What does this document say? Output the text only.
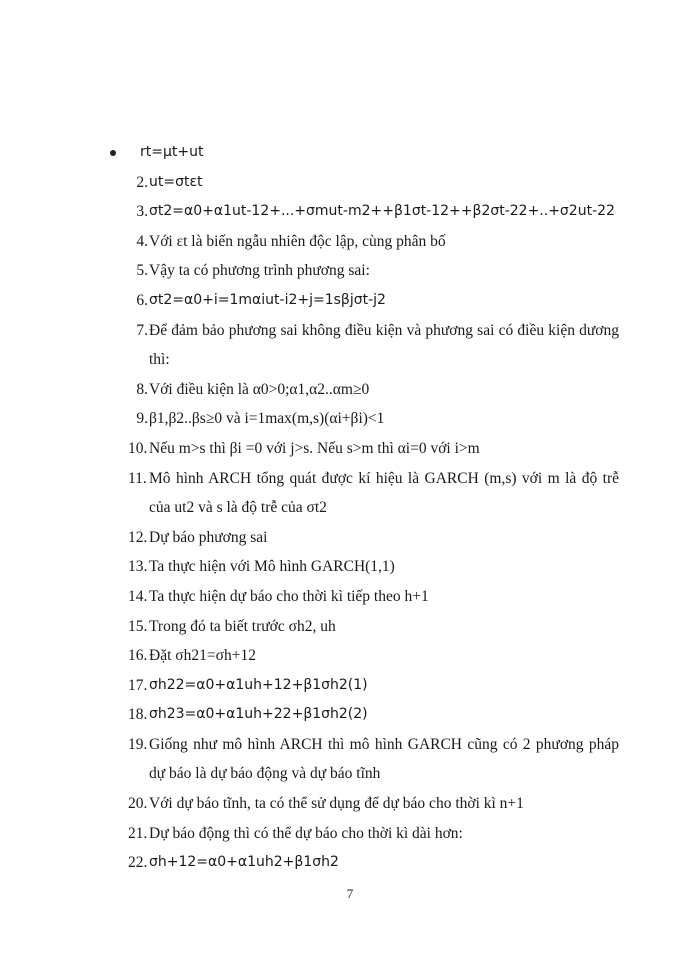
rt=μt+ut
2. ut=σtεt
3. σt2=α0+α1ut-12+...+σmut-m2++β1σt-12++β2σt-22+..+σ2ut-22
4. Với εt là biến ngẫu nhiên độc lập, cùng phân bố
5. Vậy ta có phương trình phương sai:
6. σt2=α0+i=1mαiut-i2+j=1sβjσt-j2
7. Để đảm bảo phương sai không điều kiện và phương sai có điều kiện dương thì:
8. Với điều kiện là α0>0;α1,α2..αm≥0
9. β1,β2..βs≥0 và i=1max⁡(m,s)(αi+βi)<1
10. Nếu m>s thì βi =0 với j>s. Nếu s>m thì αi=0 với i>m
11. Mô hình ARCH tổng quát được kí hiệu là GARCH (m,s) với m là độ trễ của ut2 và s là độ trễ của σt2
12. Dự báo phương sai
13. Ta thực hiện với Mô hình GARCH(1,1)
14. Ta thực hiện dự báo cho thời kì tiếp theo h+1
15. Trong đó ta biết trước σh2, uh
16. Đặt σh21=σh+12
17. σh22=α0+α1uh+12+β1σh2(1)
18. σh23=α0+α1uh+22+β1σh2(2)
19. Giống như mô hình ARCH thì mô hình GARCH cũng có 2 phương pháp dự báo là dự báo động và dự báo tĩnh
20. Với dự báo tĩnh, ta có thể sử dụng để dự báo cho thời kì n+1
21. Dự báo động thì có thể dự báo cho thời kì dài hơn:
22. σh+12=α0+α1uh2+β1σh2
7
